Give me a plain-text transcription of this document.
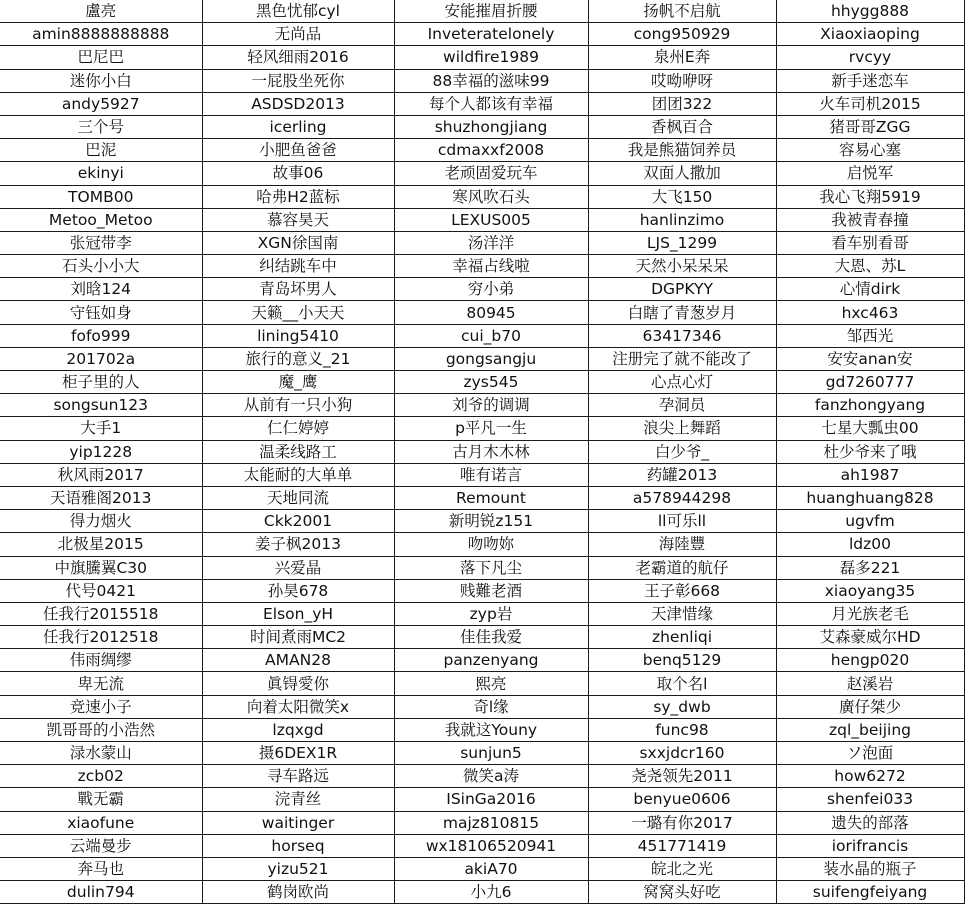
盧亮	黑色忧郁cyl	安能摧眉折腰	扬帆不启航	hhygg888
amin8888888888	无尚品	Inveteratelonely	cong950929	Xiaoxiaoping
巴尼巴	轻风细雨2016	wildfire1989	泉州E奔	rvcyy
迷你小白	一屁股坐死你	88幸福的滋味99	哎呦咿呀	新手迷恋车
andy5927	ASDSD2013	每个人都该有幸福	团团322	火车司机2015
三个号	icerling	shuzhongjiang	香枫百合	猪哥哥ZGG
巴泥	小肥鱼爸爸	cdmaxxf2008	我是熊猫饲养员	容易心塞
ekinyi	故事06	老顽固爱玩车	双面人撒加	启悦军
TOMB00	哈弗H2蓝标	寒风吹石头	大飞150	我心飞翔5919
Metoo_Metoo	慕容昊天	LEXUS005	hanlinzimo	我被青春撞
张冠带李	XGN徐国南	汤洋洋	LJS_1299	看车别看哥
石头小小大	纠结跳车中	幸福占线啦	天然小呆呆呆	大恩、苏L
刘晗124	青岛坏男人	穷小弟	DGPKYY	心情dirk
守钰如身	天籁__小天天	80945	白瞎了青葱岁月	hxc463
fofo999	lining5410	cui_b70	63417346	邹西光
201702a	旅行的意义_21	gongsangju	注册完了就不能改了	安安anan安
柜子里的人	魔_鹰	zys545	心点心灯	gd7260777
songsun123	从前有一只小狗	刘爷的调调	孕洞员	fanzhongyang
大手1	仁仁婷婷	p平凡一生	浪尖上舞蹈	七星大瓢虫00
yip1228	温柔线路工	古月木木林	白少爷_	杜少爷来了哦
秋风雨2017	太能耐的大单单	唯有诺言	药罐2013	ah1987
天语雅阁2013	天地同流	Remount	a578944298	huanghuang828
得力烟火	Ckk2001	新明锐z151	ll可乐ll	ugvfm
北极星2015	姜子枫2013	吻吻妳	海陸豐	ldz00
中旗騰翼C30	兴爱晶	落下凡尘	老霸道的航仔	磊多221
代号0421	孙昊678	贱難老酒	王子彰668	xiaoyang35
任我行2015518	Elson_yH	zyp岩	天津惜缘	月光族老毛
任我行2012518	时间煮雨MC2	佳佳我爱	zhenliqi	艾森豪威尔HD
伟雨绸缪	AMAN28	panzenyang	benq5129	hengp020
卑无流	眞锝愛你	熙亮	取个名l	赵溪岩
竞速小子	向着太阳微笑x	奇l缘	sy_dwb	廣仔桀少
凯哥哥的小浩然	lzqxgd	我就这Youny	func98	zql_beijing
渌水蒙山	摄6DEX1R	sunjun5	sxxjdcr160	ソ泡面
zcb02	寻车路远	微笑a涛	尧尧领先2011	how6272
戰无霸	浣青丝	ISinGa2016	benyue0606	shenfei033
xiaofune	waitinger	majz810815	一璐有你2017	遗失的部落
云端曼步	horseq	wx18106520941	451771419	iorifrancis
奔马也	yizu521	akiA70	皖北之光	装水晶的瓶子
dulin794	鹤岗欧尚	小九6	窝窝头好吃	suifengfeiyang
